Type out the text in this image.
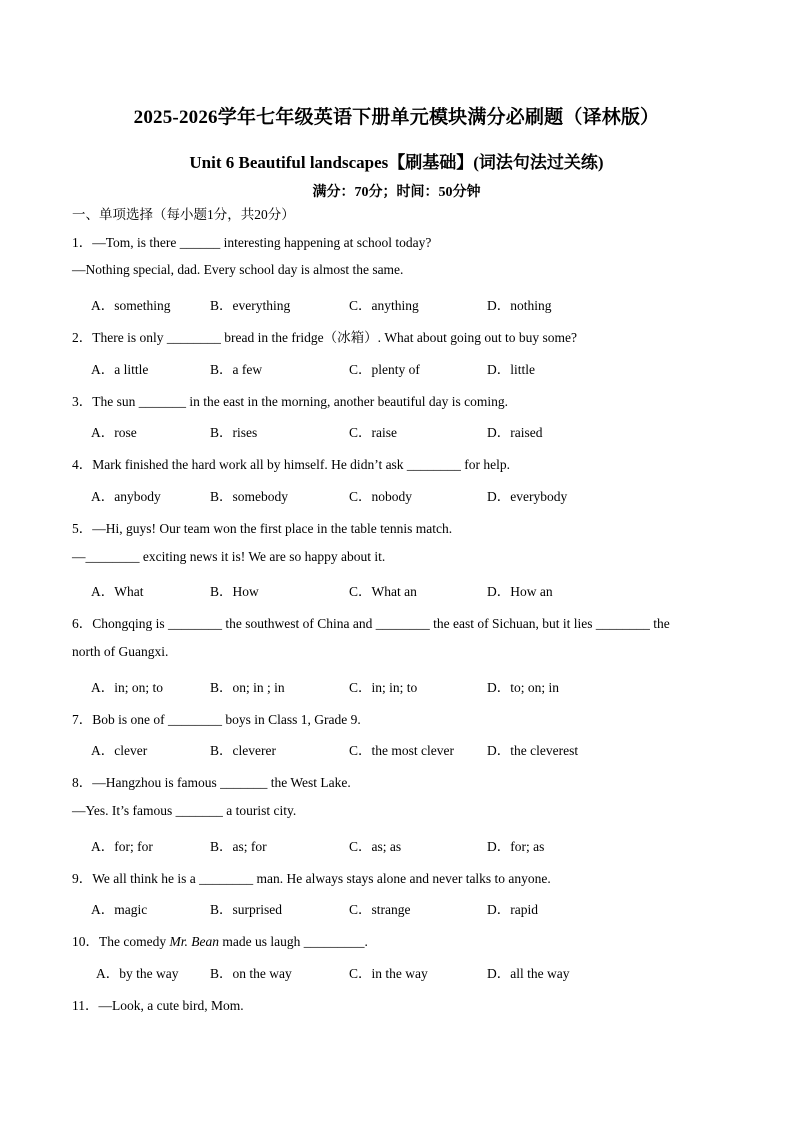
2025-2026学年七年级英语下册单元模块满分必刷题（译林版）
Unit 6 Beautiful landscapes【刷基础】(词法句法过关练)
满分：70分；时间：50分钟
一、单项选择（每小题1分，共20分）
1．—Tom, is there ______ interesting happening at school today?
—Nothing special, dad. Every school day is almost the same.
A．something	B．everything	C．anything	D．nothing
2．There is only ________ bread in the fridge（冰箱）. What about going out to buy some?
A．a little	B．a few	C．plenty of	D．little
3．The sun _______ in the east in the morning, another beautiful day is coming.
A．rose	B．rises	C．raise	D．raised
4．Mark finished the hard work all by himself. He didn’t ask ________ for help.
A．anybody	B．somebody	C．nobody	D．everybody
5．—Hi, guys! Our team won the first place in the table tennis match.
—________ exciting news it is! We are so happy about it.
A．What	B．How	C．What an	D．How an
6．Chongqing is ________ the southwest of China and ________ the east of Sichuan, but it lies ________ the
north of Guangxi.
A．in; on; to	B．on; in ; in	C．in; in; to	D．to; on; in
7．Bob is one of ________ boys in Class 1, Grade 9.
A．clever	B．cleverer	C．the most clever D．the cleverest
8．—Hangzhou is famous _______ the West Lake.
—Yes. It’s famous _______ a tourist city.
A．for; for	B．as; for	C．as; as	D．for; as
9．We all think he is a ________ man. He always stays alone and never talks to anyone.
A．magic	B．surprised	C．strange	D．rapid
10．The comedy Mr. Bean made us laugh _________.
A．by the way B．on the way	C．in the way	D．all the way
11．—Look, a cute bird, Mom.
